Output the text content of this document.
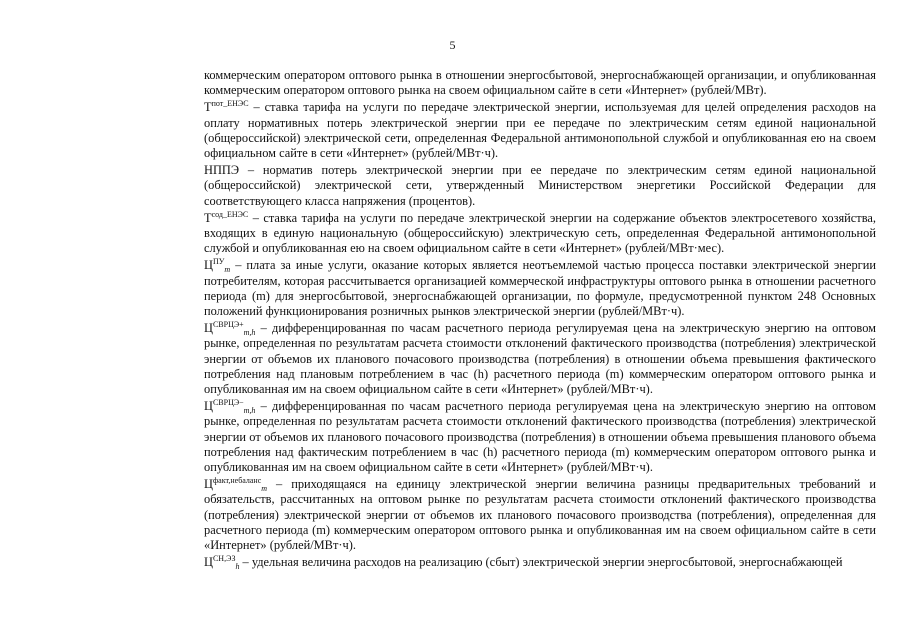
5

коммерческим оператором оптового рынка в отношении энергосбытовой, энергоснабжающей организации, и опубликованная коммерческим оператором оптового рынка на своем официальном сайте в сети «Интернет» (рублей/МВт).

$T^{пот\_ЕНЭС}$ – ставка тарифа на услуги по передаче электрической энергии, используемая для целей определения расходов на оплату нормативных потерь электрической энергии при ее передаче по электрическим сетям единой национальной (общероссийской) электрической сети, определенная Федеральной антимонопольной службой и опубликованная ею на своем официальном сайте в сети «Интернет» (рублей/МВт·ч).

НППЭ – норматив потерь электрической энергии при ее передаче по электрическим сетям единой национальной (общероссийской) электрической сети, утвержденный Министерством энергетики Российской Федерации для соответствующего класса напряжения (процентов).

$T^{сод\_ЕНЭС}$ – ставка тарифа на услуги по передаче электрической энергии на содержание объектов электросетевого хозяйства, входящих в единую национальную (общероссийскую) электрическую сеть, определенная Федеральной антимонопольной службой и опубликованная ею на своем официальном сайте в сети «Интернет» (рублей/МВт·мес).

$Ц^{ПУ}_m$ – плата за иные услуги, оказание которых является неотъемлемой частью процесса поставки электрической энергии потребителям, которая рассчитывается организацией коммерческой инфраструктуры оптового рынка в отношении расчетного периода (m) для энергосбытовой, энергоснабжающей организации, по формуле, предусмотренной пунктом 248 Основных положений функционирования розничных рынков электрической энергии (рублей/МВт·ч).

$Ц^{СВРЦЭ+}_{m,h}$ – дифференцированная по часам расчетного периода регулируемая цена на электрическую энергию на оптовом рынке, определенная по результатам расчета стоимости отклонений фактического производства (потребления) электрической энергии от объемов их планового почасового производства (потребления) в отношении объема превышения фактического потребления над плановым потреблением в час (h) расчетного периода (m) коммерческим оператором оптового рынка и опубликованная им на своем официальном сайте в сети «Интернет» (рублей/МВт·ч).

$Ц^{СВРЦЭ-}_{m,h}$ – дифференцированная по часам расчетного периода регулируемая цена на электрическую энергию на оптовом рынке, определенная по результатам расчета стоимости отклонений фактического производства (потребления) электрической энергии от объемов их планового почасового производства (потребления) в отношении объема превышения планового объема потребления над фактическим потреблением в час (h) расчетного периода (m) коммерческим оператором оптового рынка и опубликованная им на своем официальном сайте в сети «Интернет» (рублей/МВт·ч).

$Ц^{факт,небаланс}_m$ – приходящаяся на единицу электрической энергии величина разницы предварительных требований и обязательств, рассчитанных на оптовом рынке по результатам расчета стоимости отклонений фактического производства (потребления) электрической энергии от объемов их планового почасового производства (потребления), определенная для расчетного периода (m) коммерческим оператором оптового рынка и опубликованная им на своем официальном сайте в сети «Интернет» (рублей/МВт·ч).

$Ц^{СН,ЭЗ}_h$ – удельная величина расходов на реализацию (сбыт) электрической энергии энергосбытовой, энергоснабжающей
